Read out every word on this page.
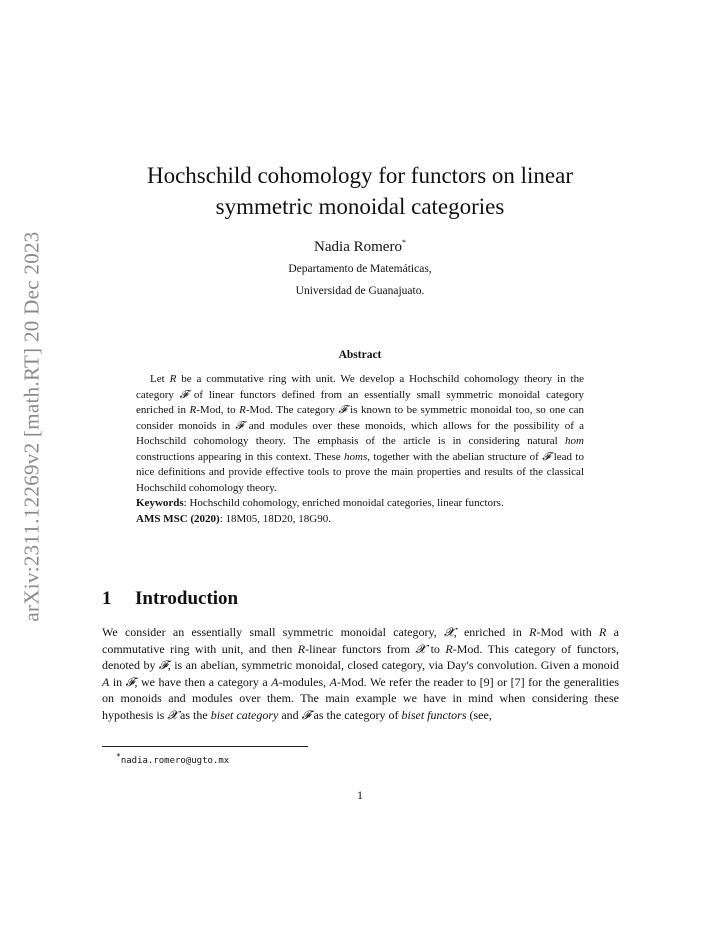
arXiv:2311.12269v2 [math.RT] 20 Dec 2023
Hochschild cohomology for functors on linear
symmetric monoidal categories
Nadia Romero*
Departamento de Matemáticas,
Universidad de Guanajuato.
Abstract

Let R be a commutative ring with unit. We develop a Hochschild cohomology theory in the category 𝓕 of linear functors defined from an essentially small symmetric monoidal category enriched in R-Mod, to R-Mod. The category 𝓕 is known to be symmetric monoidal too, so one can consider monoids in 𝓕 and modules over these monoids, which allows for the possibility of a Hochschild cohomology theory. The emphasis of the article is in considering natural hom constructions appearing in this context. These homs, together with the abelian structure of 𝓕 lead to nice definitions and provide effective tools to prove the main properties and results of the classical Hochschild cohomology theory.

Keywords: Hochschild cohomology, enriched monoidal categories, linear functors.

AMS MSC (2020): 18M05, 18D20, 18G90.

1 Introduction

We consider an essentially small symmetric monoidal category, 𝓧, enriched in R-Mod with R a commutative ring with unit, and then R-linear functors from 𝓧 to R-Mod. This category of functors, denoted by 𝓕, is an abelian, symmetric monoidal, closed category, via Day's convolution. Given a monoid A in 𝓕, we have then a category a A-modules, A-Mod. We refer the reader to [9] or [7] for the generalities on monoids and modules over them. The main example we have in mind when considering these hypothesis is 𝓧 as the biset category and 𝓕 as the category of biset functors (see,

*nadia.romero@ugto.mx
1
